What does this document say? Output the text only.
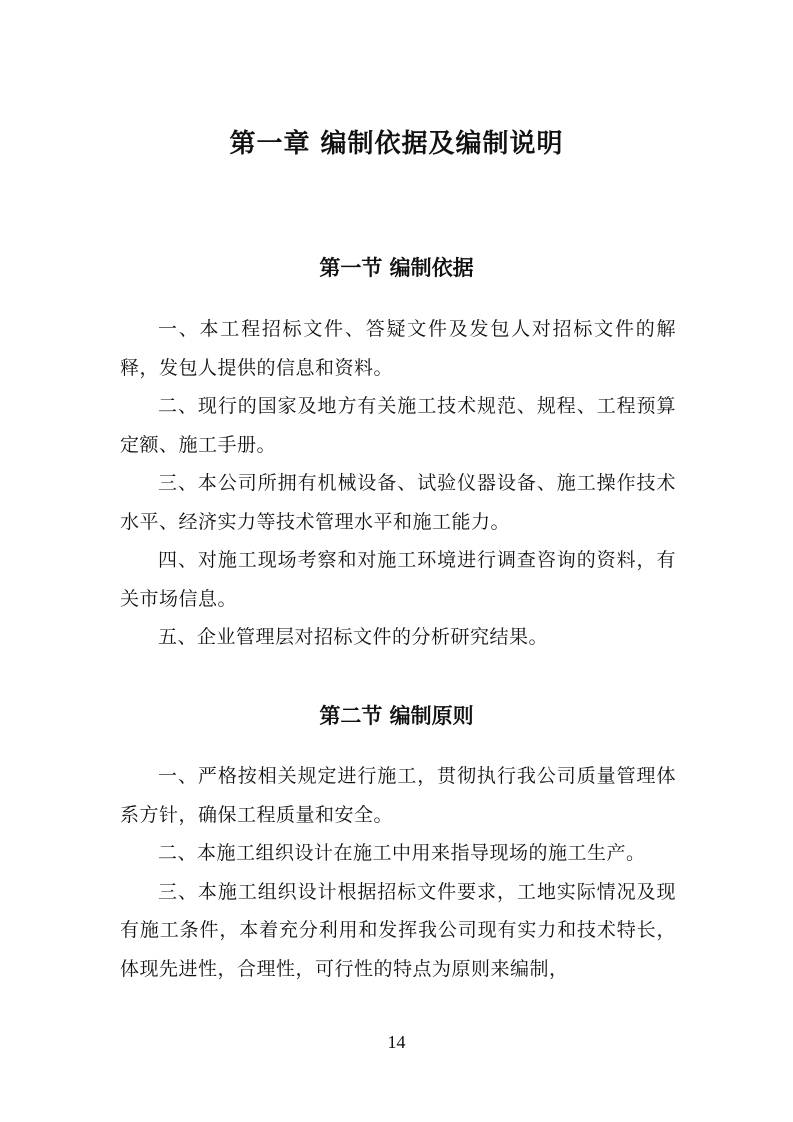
第一章 编制依据及编制说明
第一节 编制依据

一、本工程招标文件、答疑文件及发包人对招标文件的解释，发包人提供的信息和资料。

二、现行的国家及地方有关施工技术规范、规程、工程预算定额、施工手册。

三、本公司所拥有机械设备、试验仪器设备、施工操作技术水平、经济实力等技术管理水平和施工能力。

四、对施工现场考察和对施工环境进行调查咨询的资料，有关市场信息。

五、企业管理层对招标文件的分析研究结果。

第二节 编制原则

一、严格按相关规定进行施工，贯彻执行我公司质量管理体系方针，确保工程质量和安全。

二、本施工组织设计在施工中用来指导现场的施工生产。

三、本施工组织设计根据招标文件要求，工地实际情况及现有施工条件，本着充分利用和发挥我公司现有实力和技术特长，体现先进性，合理性，可行性的特点为原则来编制，

14
